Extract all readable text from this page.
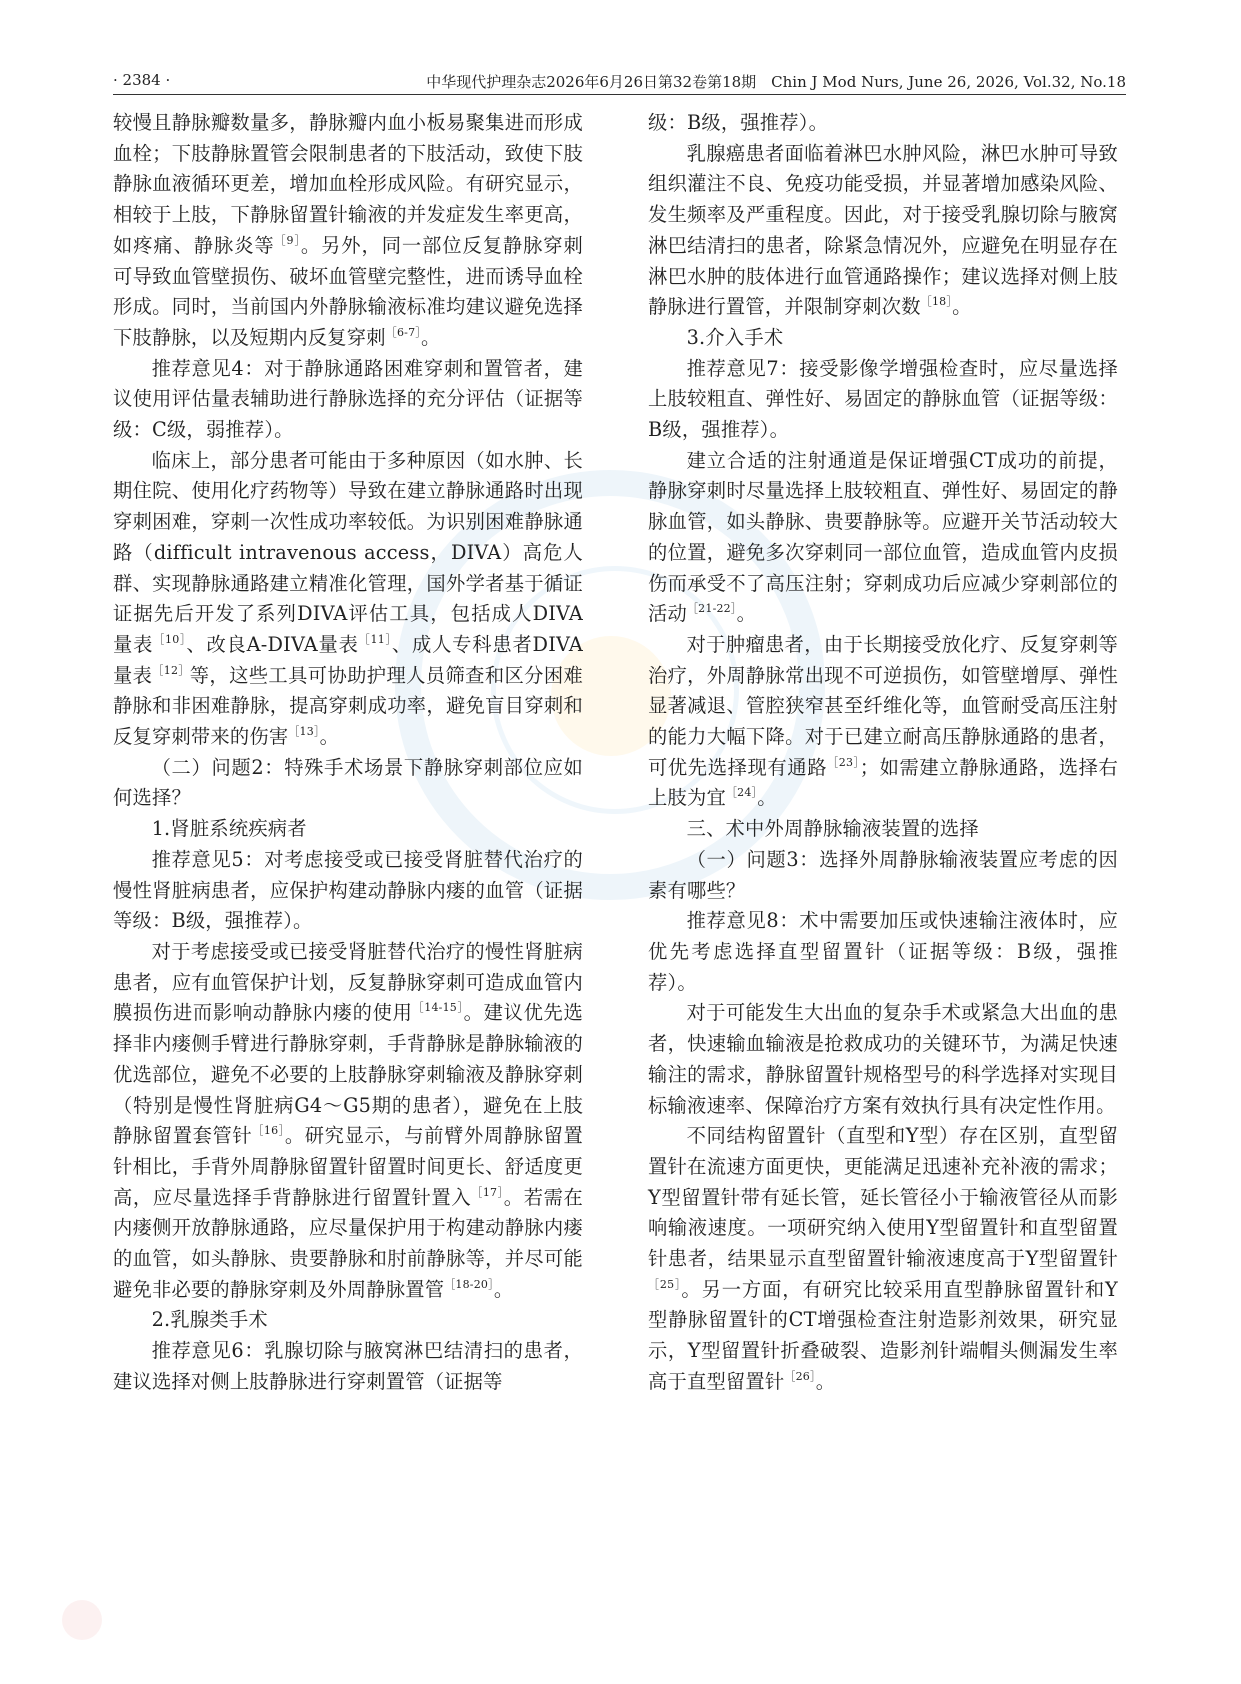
· 2384 ·	中华现代护理杂志2026年6月26日第32卷第18期　Chin J Mod Nurs, June 26, 2026, Vol.32, No.18

较慢且静脉瓣数量多，静脉瓣内血小板易聚集进而形成血栓；下肢静脉置管会限制患者的下肢活动，致使下肢静脉血液循环更差，增加血栓形成风险。有研究显示，相较于上肢，下静脉留置针输液的并发症发生率更高，如疼痛、静脉炎等$^{[9]}$。另外，同一部位反复静脉穿刺可导致血管壁损伤、破坏血管壁完整性，进而诱导血栓形成。同时，当前国内外静脉输液标准均建议避免选择下肢静脉，以及短期内反复穿刺$^{[6-7]}$。

推荐意见4：对于静脉通路困难穿刺和置管者，建议使用评估量表辅助进行静脉选择的充分评估（证据等级：C级，弱推荐）。

临床上，部分患者可能由于多种原因（如水肿、长期住院、使用化疗药物等）导致在建立静脉通路时出现穿刺困难，穿刺一次性成功率较低。为识别困难静脉通路（difficult intravenous access，DIVA）高危人群、实现静脉通路建立精准化管理，国外学者基于循证证据先后开发了系列DIVA评估工具，包括成人DIVA量表$^{[10]}$、改良A-DIVA量表$^{[11]}$、成人专科患者DIVA量表$^{[12]}$等，这些工具可协助护理人员筛查和区分困难静脉和非困难静脉，提高穿刺成功率，避免盲目穿刺和反复穿刺带来的伤害$^{[13]}$。

（二）问题2：特殊手术场景下静脉穿刺部位应如何选择？

1.肾脏系统疾病者

推荐意见5：对考虑接受或已接受肾脏替代治疗的慢性肾脏病患者，应保护构建动静脉内瘘的血管（证据等级：B级，强推荐）。

对于考虑接受或已接受肾脏替代治疗的慢性肾脏病患者，应有血管保护计划，反复静脉穿刺可造成血管内膜损伤进而影响动静脉内瘘的使用$^{[14-15]}$。建议优先选择非内瘘侧手臂进行静脉穿刺，手背静脉是静脉输液的优选部位，避免不必要的上肢静脉穿刺输液及静脉穿刺（特别是慢性肾脏病G4～G5期的患者），避免在上肢静脉留置套管针$^{[16]}$。研究显示，与前臂外周静脉留置针相比，手背外周静脉留置针留置时间更长、舒适度更高，应尽量选择手背静脉进行留置针置入$^{[17]}$。若需在内瘘侧开放静脉通路，应尽量保护用于构建动静脉内瘘的血管，如头静脉、贵要静脉和肘前静脉等，并尽可能避免非必要的静脉穿刺及外周静脉置管$^{[18-20]}$。

2.乳腺类手术

推荐意见6：乳腺切除与腋窝淋巴结清扫的患者，建议选择对侧上肢静脉进行穿刺置管（证据等

级：B级，强推荐）。

乳腺癌患者面临着淋巴水肿风险，淋巴水肿可导致组织灌注不良、免疫功能受损，并显著增加感染风险、发生频率及严重程度。因此，对于接受乳腺切除与腋窝淋巴结清扫的患者，除紧急情况外，应避免在明显存在淋巴水肿的肢体进行血管通路操作；建议选择对侧上肢静脉进行置管，并限制穿刺次数$^{[18]}$。

3.介入手术

推荐意见7：接受影像学增强检查时，应尽量选择上肢较粗直、弹性好、易固定的静脉血管（证据等级：B级，强推荐）。

建立合适的注射通道是保证增强CT成功的前提，静脉穿刺时尽量选择上肢较粗直、弹性好、易固定的静脉血管，如头静脉、贵要静脉等。应避开关节活动较大的位置，避免多次穿刺同一部位血管，造成血管内皮损伤而承受不了高压注射；穿刺成功后应减少穿刺部位的活动$^{[21-22]}$。

对于肿瘤患者，由于长期接受放化疗、反复穿刺等治疗，外周静脉常出现不可逆损伤，如管壁增厚、弹性显著减退、管腔狭窄甚至纤维化等，血管耐受高压注射的能力大幅下降。对于已建立耐高压静脉通路的患者，可优先选择现有通路$^{[23]}$；如需建立静脉通路，选择右上肢为宜$^{[24]}$。

三、术中外周静脉输液装置的选择

（一）问题3：选择外周静脉输液装置应考虑的因素有哪些？

推荐意见8：术中需要加压或快速输注液体时，应优先考虑选择直型留置针（证据等级：B级，强推荐）。

对于可能发生大出血的复杂手术或紧急大出血的患者，快速输血输液是抢救成功的关键环节，为满足快速输注的需求，静脉留置针规格型号的科学选择对实现目标输液速率、保障治疗方案有效执行具有决定性作用。

不同结构留置针（直型和Y型）存在区别，直型留置针在流速方面更快，更能满足迅速补充补液的需求；Y型留置针带有延长管，延长管径小于输液管径从而影响输液速度。一项研究纳入使用Y型留置针和直型留置针患者，结果显示直型留置针输液速度高于Y型留置针$^{[25]}$。另一方面，有研究比较采用直型静脉留置针和Y型静脉留置针的CT增强检查注射造影剂效果，研究显示，Y型留置针折叠破裂、造影剂针端帽头侧漏发生率高于直型留置针$^{[26]}$。
